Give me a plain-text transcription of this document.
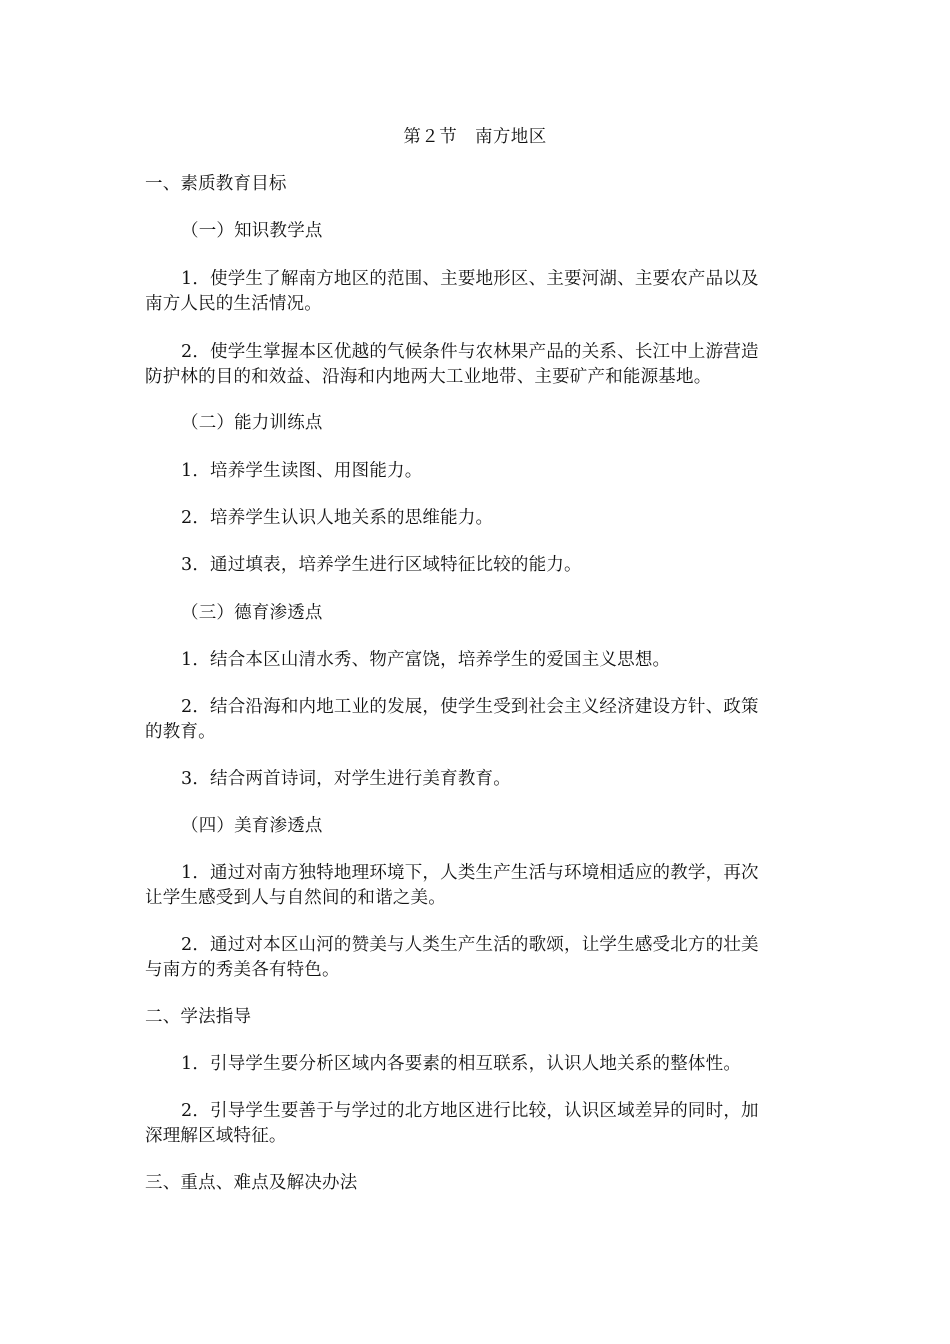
第２节　南方地区
一、素质教育目标
（一）知识教学点
1．使学生了解南方地区的范围、主要地形区、主要河湖、主要农产品以及
南方人民的生活情况。
2．使学生掌握本区优越的气候条件与农林果产品的关系、长江中上游营造
防护林的目的和效益、沿海和内地两大工业地带、主要矿产和能源基地。
（二）能力训练点
1．培养学生读图、用图能力。
2．培养学生认识人地关系的思维能力。
3．通过填表，培养学生进行区域特征比较的能力。
（三）德育渗透点
1．结合本区山清水秀、物产富饶，培养学生的爱国主义思想。
2．结合沿海和内地工业的发展，使学生受到社会主义经济建设方针、政策
的教育。
3．结合两首诗词，对学生进行美育教育。
（四）美育渗透点
1．通过对南方独特地理环境下，人类生产生活与环境相适应的教学，再次
让学生感受到人与自然间的和谐之美。
2．通过对本区山河的赞美与人类生产生活的歌颂，让学生感受北方的壮美
与南方的秀美各有特色。
二、学法指导
1．引导学生要分析区域内各要素的相互联系，认识人地关系的整体性。
2．引导学生要善于与学过的北方地区进行比较，认识区域差异的同时，加
深理解区域特征。
三、重点、难点及解决办法
